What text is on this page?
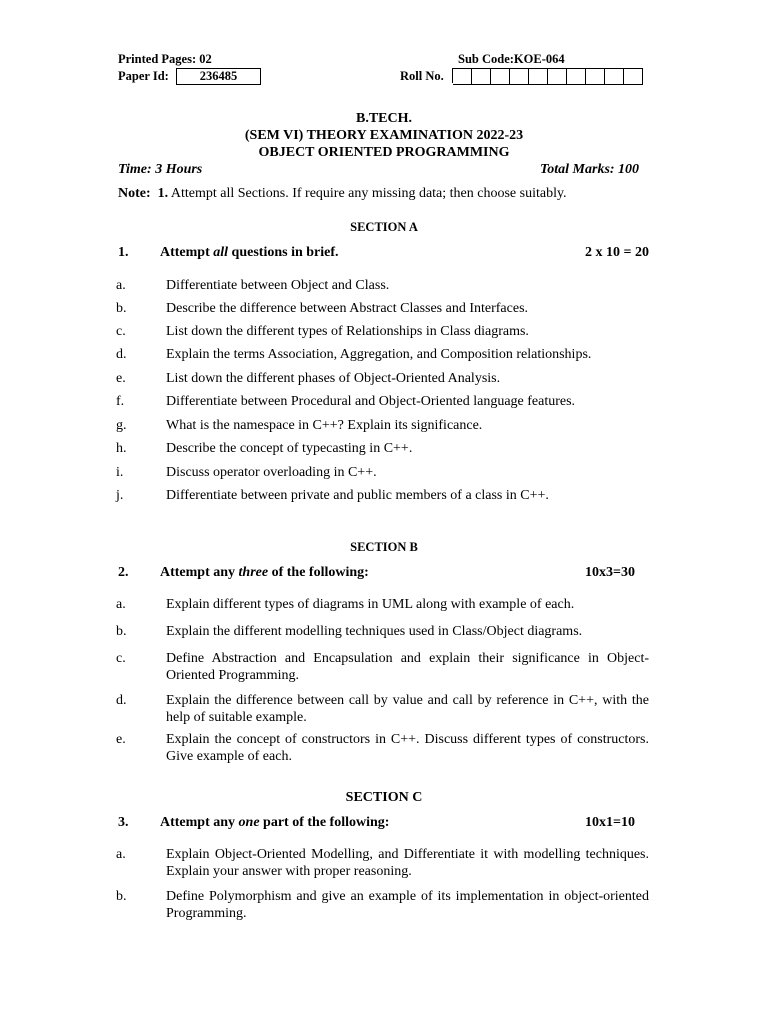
Printed Pages: 02	Sub Code:KOE-064
Paper Id:	236485	Roll No.
B.TECH.
(SEM VI) THEORY EXAMINATION 2022-23
OBJECT ORIENTED PROGRAMMING
Time: 3 Hours	Total Marks: 100
Note: 1. Attempt all Sections. If require any missing data; then choose suitably.
SECTION A
1. Attempt all questions in brief.	2 x 10 = 20
a.	Differentiate between Object and Class.
b.	Describe the difference between Abstract Classes and Interfaces.
c.	List down the different types of Relationships in Class diagrams.
d.	Explain the terms Association, Aggregation, and Composition relationships.
e.	List down the different phases of Object-Oriented Analysis.
f.	Differentiate between Procedural and Object-Oriented language features.
g.	What is the namespace in C++? Explain its significance.
h.	Describe the concept of typecasting in C++.
i.	Discuss operator overloading in C++.
j.	Differentiate between private and public members of a class in C++.
SECTION B
2. Attempt any three of the following:	10x3=30
a.	Explain different types of diagrams in UML along with example of each.
b.	Explain the different modelling techniques used in Class/Object diagrams.
c.	Define Abstraction and Encapsulation and explain their significance in Object-Oriented Programming.
d.	Explain the difference between call by value and call by reference in C++, with the help of suitable example.
e.	Explain the concept of constructors in C++. Discuss different types of constructors. Give example of each.
SECTION C
3. Attempt any one part of the following:	10x1=10
a.	Explain Object-Oriented Modelling, and Differentiate it with modelling techniques. Explain your answer with proper reasoning.
b.	Define Polymorphism and give an example of its implementation in object-oriented Programming.
